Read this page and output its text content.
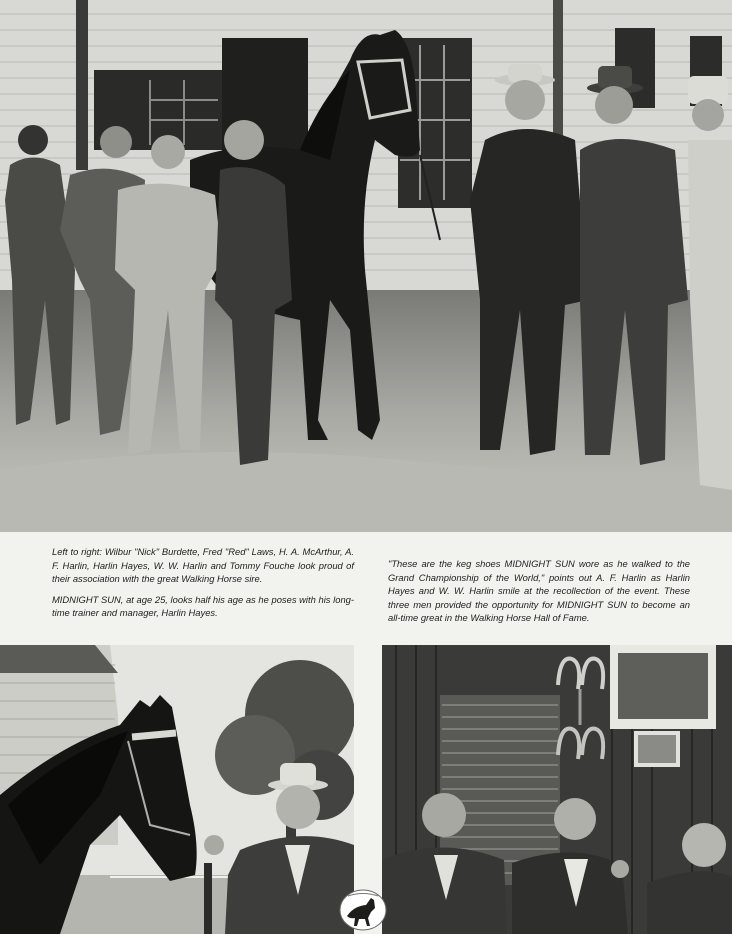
Left to right: Wilbur "Nick" Burdette, Fred "Red" Laws, H. A. McArthur, A. F. Harlin, Harlin Hayes, W. W. Harlin and Tommy Fouche look proud of their association with the great Walking Horse sire.

MIDNIGHT SUN, at age 25, looks half his age as he poses with his long-time trainer and manager, Harlin Hayes.

"These are the keg shoes MIDNIGHT SUN wore as he walked to the Grand Championship of the World," points out A. F. Harlin as Harlin Hayes and W. W. Harlin smile at the recollection of the event. These three men provided the opportunity for MIDNIGHT SUN to become an all-time great in the Walking Horse Hall of Fame.
